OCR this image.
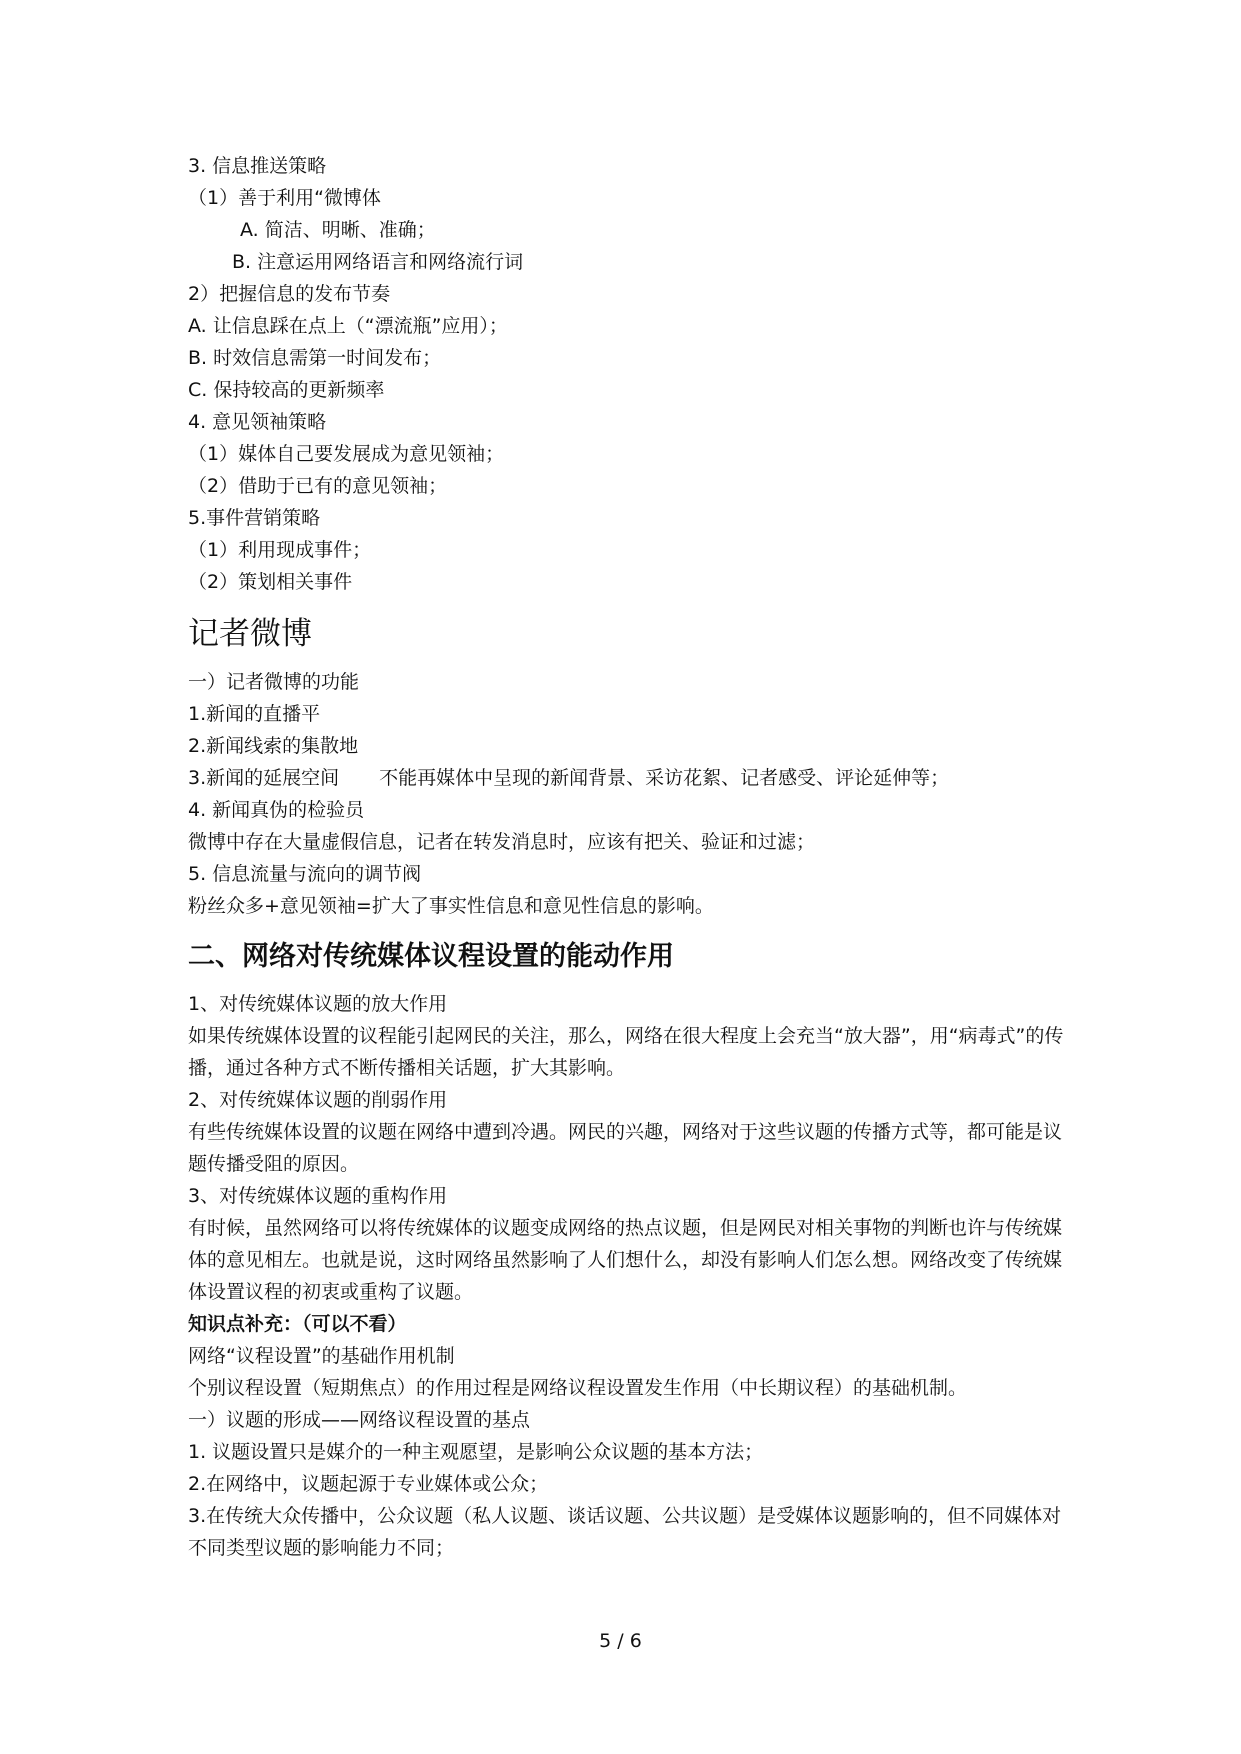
3. 信息推送策略
（1）善于利用“微博体
A. 简洁、明晰、准确；
B. 注意运用网络语言和网络流行词
2）把握信息的发布节奏
A. 让信息踩在点上（“漂流瓶”应用）；
B. 时效信息需第一时间发布；
C. 保持较高的更新频率
4. 意见领袖策略
（1）媒体自己要发展成为意见领袖；
（2）借助于已有的意见领袖；
5.事件营销策略
（1）利用现成事件；
（2）策划相关事件
记者微博
一）记者微博的功能
1.新闻的直播平
2.新闻线索的集散地
3.新闻的延展空间 不能再媒体中呈现的新闻背景、采访花絮、记者感受、评论延伸等；
4. 新闻真伪的检验员
微博中存在大量虚假信息，记者在转发消息时，应该有把关、验证和过滤；
5. 信息流量与流向的调节阀
粉丝众多+意见领袖=扩大了事实性信息和意见性信息的影响。
二、网络对传统媒体议程设置的能动作用
1、对传统媒体议题的放大作用
如果传统媒体设置的议程能引起网民的关注，那么，网络在很大程度上会充当“放大器”，用“病毒式”的传播，通过各种方式不断传播相关话题，扩大其影响。
2、对传统媒体议题的削弱作用
有些传统媒体设置的议题在网络中遭到冷遇。网民的兴趣，网络对于这些议题的传播方式等，都可能是议题传播受阻的原因。
3、对传统媒体议题的重构作用
有时候，虽然网络可以将传统媒体的议题变成网络的热点议题，但是网民对相关事物的判断也许与传统媒体的意见相左。也就是说，这时网络虽然影响了人们想什么，却没有影响人们怎么想。网络改变了传统媒体设置议程的初衷或重构了议题。
知识点补充：（可以不看）
网络“议程设置”的基础作用机制
个别议程设置（短期焦点）的作用过程是网络议程设置发生作用（中长期议程）的基础机制。
一）议题的形成——网络议程设置的基点
1. 议题设置只是媒介的一种主观愿望，是影响公众议题的基本方法；
2.在网络中，议题起源于专业媒体或公众；
3.在传统大众传播中，公众议题（私人议题、谈话议题、公共议题）是受媒体议题影响的，但不同媒体对不同类型议题的影响能力不同；
5 / 6
